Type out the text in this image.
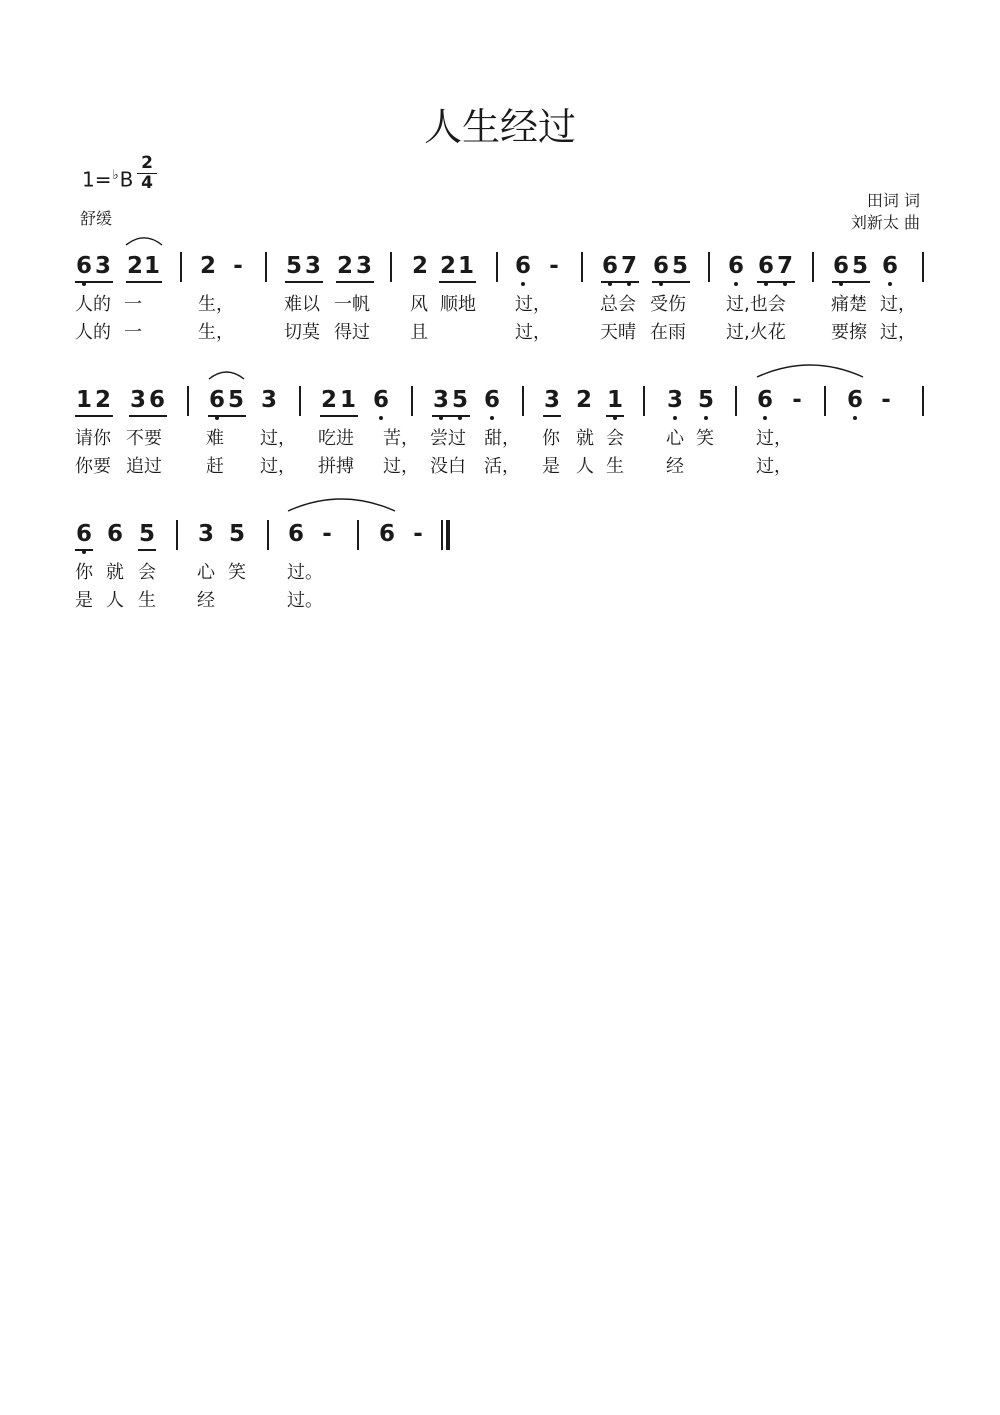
人生经过
$1=^♭B \frac{2}{4}$
舒缓
田词 词
刘新太 曲
6 3 2 1 2 - 5 3 2 3 2 2 1 6 - 6 7 6 5 6 6 7 6 5 6
人的 一	生，	难以 一帆 风 顺地 过，	总会 受伤 过,也会	痛楚 过，
人的 一	生，	切莫 得过 且	过，	天晴 在雨 过,火花	要擦 过，
1 2 3 6 6 5 3 2 1 6 3 5 6 3 2 1 3 5 6 - 6 -
请你 不要 难 过， 吃进 苦， 尝过 甜， 你 就 会 心 笑 过，
你要 追过 赶 过， 拼搏 过， 没白 活， 是 人 生 经	过，
6 6 5 3 5 6 - 6 -
你 就 会 心 笑 过。
是 人 生 经	过。
